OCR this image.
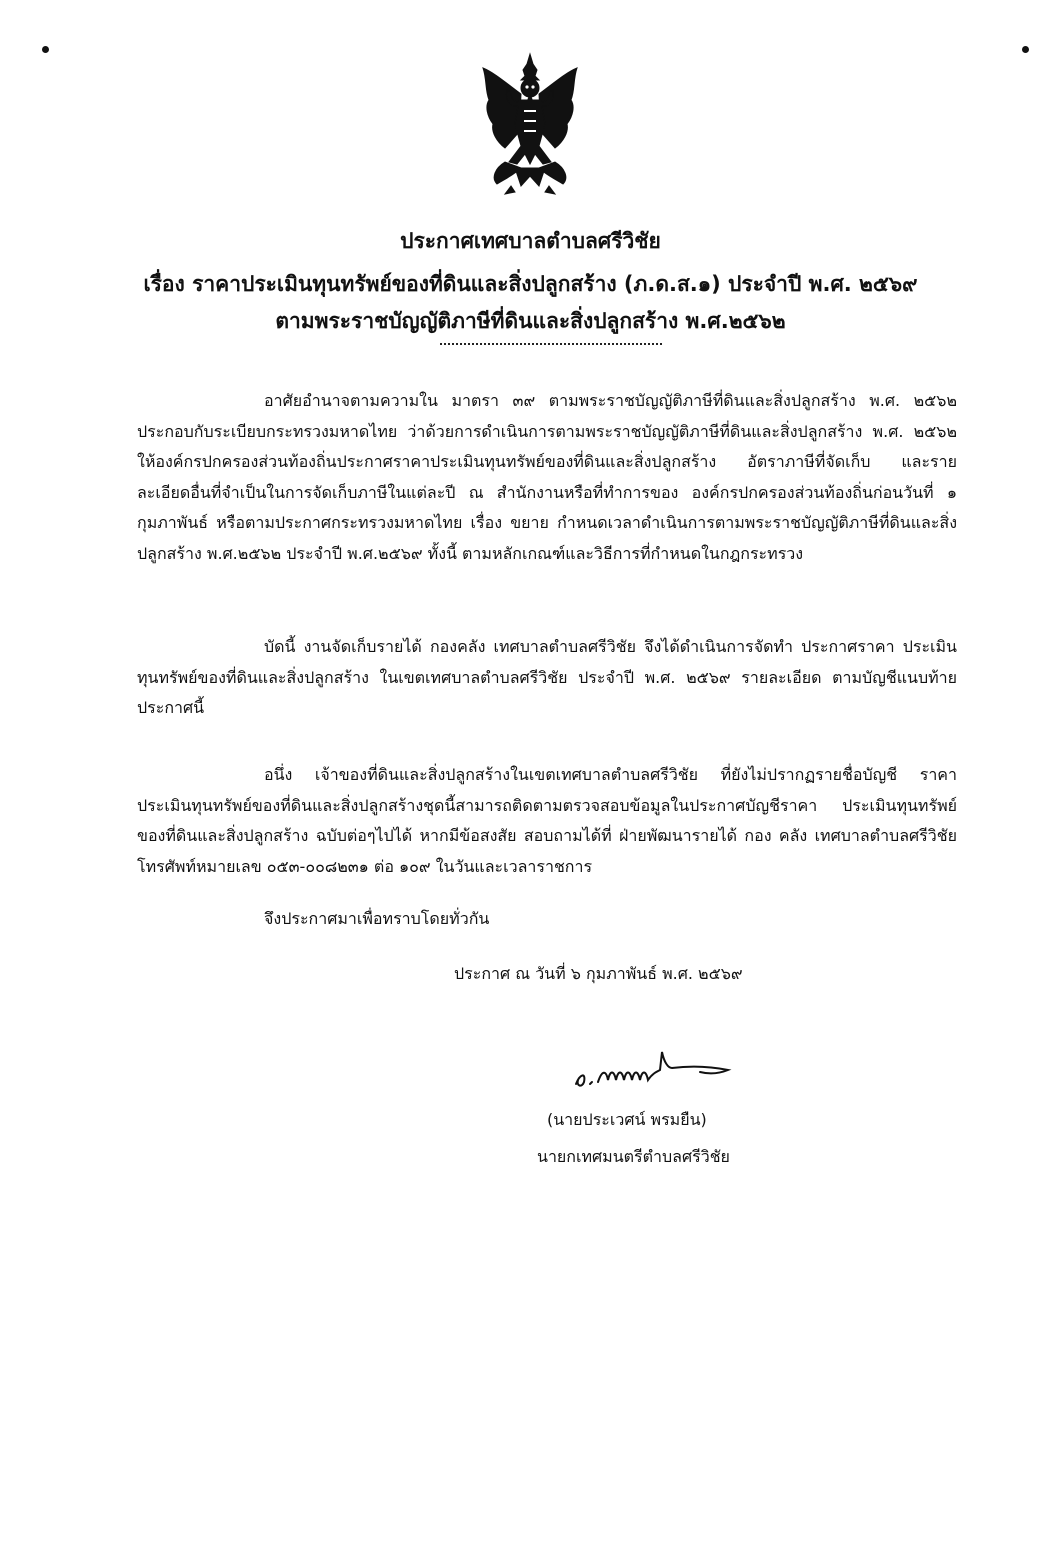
ประกาศเทศบาลตำบลศรีวิชัย
เรื่อง ราคาประเมินทุนทรัพย์ของที่ดินและสิ่งปลูกสร้าง (ภ.ด.ส.๑) ประจำปี พ.ศ. ๒๕๖๙
ตามพระราชบัญญัติภาษีที่ดินและสิ่งปลูกสร้าง พ.ศ.๒๕๖๒

อาศัยอำนาจตามความใน มาตรา ๓๙ ตามพระราชบัญญัติภาษีที่ดินและสิ่งปลูกสร้าง พ.ศ. ๒๕๖๒ ประกอบกับระเบียบกระทรวงมหาดไทย ว่าด้วยการดำเนินการตามพระราชบัญญัติภาษีที่ดินและสิ่งปลูกสร้าง พ.ศ. ๒๕๖๒ ให้องค์กรปกครองส่วนท้องถิ่นประกาศราคาประเมินทุนทรัพย์ของที่ดินและสิ่งปลูกสร้าง อัตราภาษีที่จัดเก็บ และรายละเอียดอื่นที่จำเป็นในการจัดเก็บภาษีในแต่ละปี ณ สำนักงานหรือที่ทำการของ องค์กรปกครองส่วนท้องถิ่นก่อนวันที่ ๑ กุมภาพันธ์ หรือตามประกาศกระทรวงมหาดไทย เรื่อง ขยาย กำหนดเวลาดำเนินการตามพระราชบัญญัติภาษีที่ดินและสิ่งปลูกสร้าง พ.ศ.๒๕๖๒ ประจำปี พ.ศ.๒๕๖๙ ทั้งนี้ ตามหลักเกณฑ์และวิธีการที่กำหนดในกฎกระทรวง

บัดนี้ งานจัดเก็บรายได้ กองคลัง เทศบาลตำบลศรีวิชัย จึงได้ดำเนินการจัดทำ ประกาศราคา ประเมินทุนทรัพย์ของที่ดินและสิ่งปลูกสร้าง ในเขตเทศบาลตำบลศรีวิชัย ประจำปี พ.ศ. ๒๕๖๙ รายละเอียด ตามบัญชีแนบท้ายประกาศนี้

อนึ่ง เจ้าของที่ดินและสิ่งปลูกสร้างในเขตเทศบาลตำบลศรีวิชัย ที่ยังไม่ปรากฏรายชื่อบัญชี ราคาประเมินทุนทรัพย์ของที่ดินและสิ่งปลูกสร้างชุดนี้สามารถติดตามตรวจสอบข้อมูลในประกาศบัญชีราคา ประเมินทุนทรัพย์ของที่ดินและสิ่งปลูกสร้าง ฉบับต่อๆไปได้ หากมีข้อสงสัย สอบถามได้ที่ ฝ่ายพัฒนารายได้ กอง คลัง เทศบาลตำบลศรีวิชัย โทรศัพท์หมายเลข ๐๕๓-๐๐๘๒๓๑ ต่อ ๑๐๙ ในวันและเวลาราชการ

จึงประกาศมาเพื่อทราบโดยทั่วกัน
ประกาศ ณ วันที่ ๖ กุมภาพันธ์ พ.ศ. ๒๕๖๙
(นายประเวศน์ พรมยืน)
นายกเทศมนตรีตำบลศรีวิชัย
